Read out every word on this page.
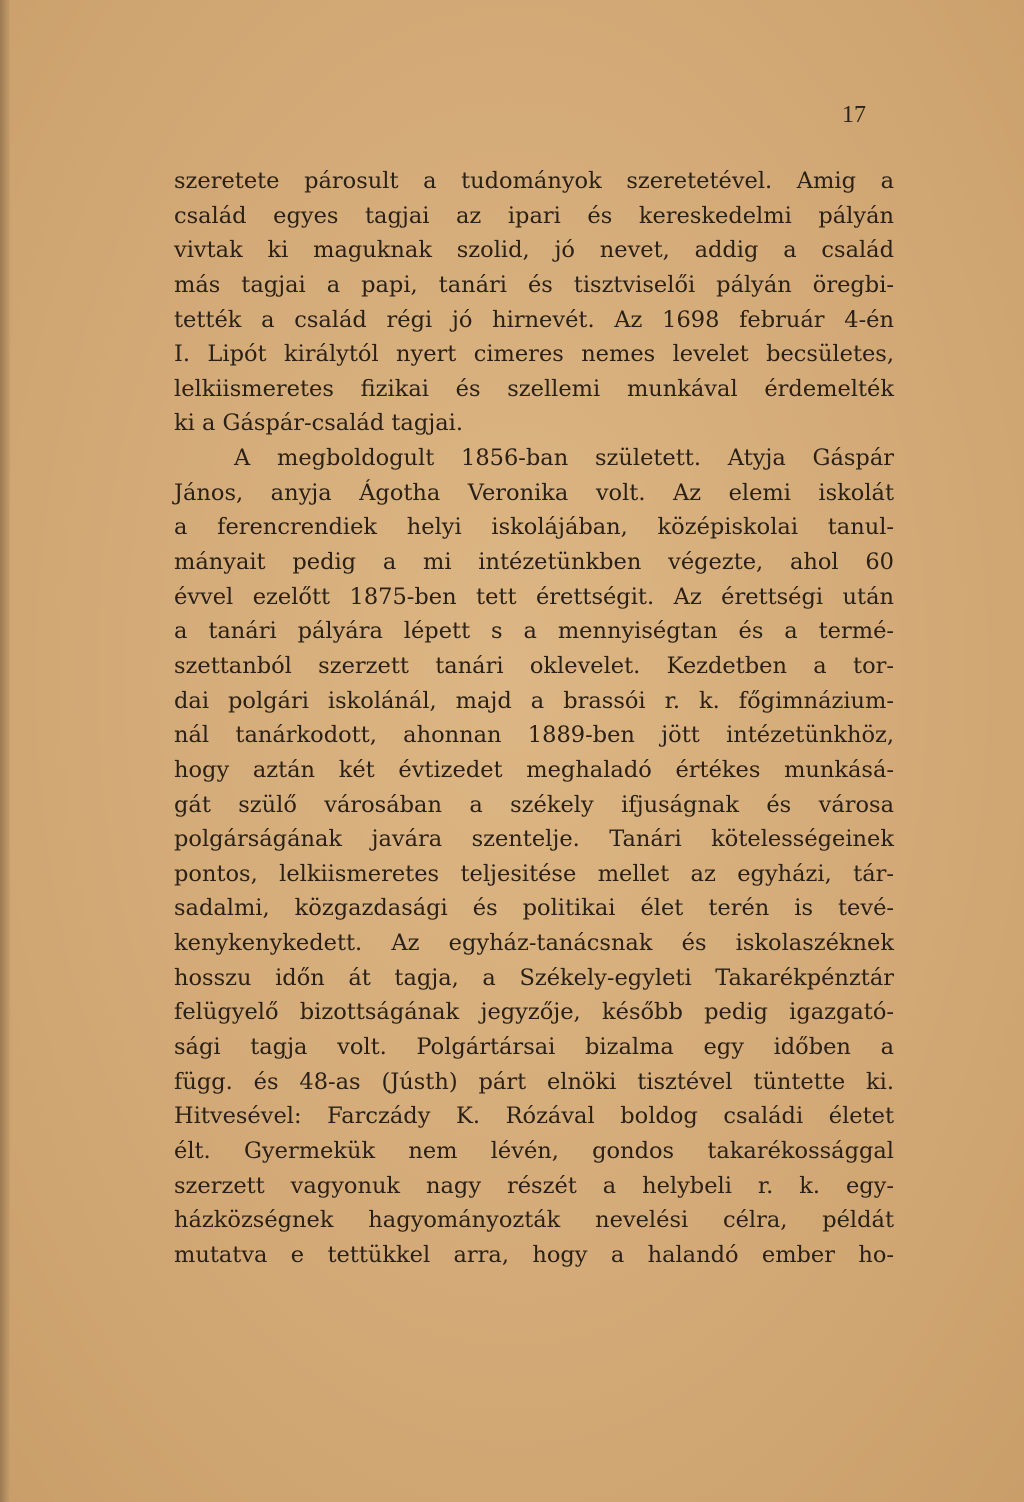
17
szeretete párosult a tudományok szeretetével. Amig a
család egyes tagjai az ipari és kereskedelmi pályán
vivtak ki maguknak szolid, jó nevet, addig a család
más tagjai a papi, tanári és tisztviselői pályán öregbi-
tették a család régi jó hirnevét. Az 1698 február 4-én
I. Lipót királytól nyert cimeres nemes levelet becsületes,
lelkiismeretes fizikai és szellemi munkával érdemelték
ki a Gáspár-család tagjai.
A megboldogult 1856-ban született. Atyja Gáspár
János, anyja Ágotha Veronika volt. Az elemi iskolát
a ferencrendiek helyi iskolájában, középiskolai tanul-
mányait pedig a mi intézetünkben végezte, ahol 60
évvel ezelőtt 1875-ben tett érettségit. Az érettségi után
a tanári pályára lépett s a mennyiségtan és a termé-
szettanból szerzett tanári oklevelet. Kezdetben a tor-
dai polgári iskolánál, majd a brassói r. k. főgimnázium-
nál tanárkodott, ahonnan 1889-ben jött intézetünkhöz,
hogy aztán két évtizedet meghaladó értékes munkásá-
gát szülő városában a székely ifjuságnak és városa
polgárságának javára szentelje. Tanári kötelességeinek
pontos, lelkiismeretes teljesitése mellet az egyházi, tár-
sadalmi, közgazdasági és politikai élet terén is tevé-
kenykenykedett. Az egyház-tanácsnak és iskolaszéknek
hosszu időn át tagja, a Székely-egyleti Takarékpénztár
felügyelő bizottságának jegyzője, később pedig igazgató-
sági tagja volt. Polgártársai bizalma egy időben a
függ. és 48-as (Jústh) párt elnöki tisztével tüntette ki.
Hitvesével: Farczády K. Rózával boldog családi életet
élt. Gyermekük nem lévén, gondos takarékossággal
szerzett vagyonuk nagy részét a helybeli r. k. egy-
házközségnek hagyományozták nevelési célra, példát
mutatva e tettükkel arra, hogy a halandó ember ho-
